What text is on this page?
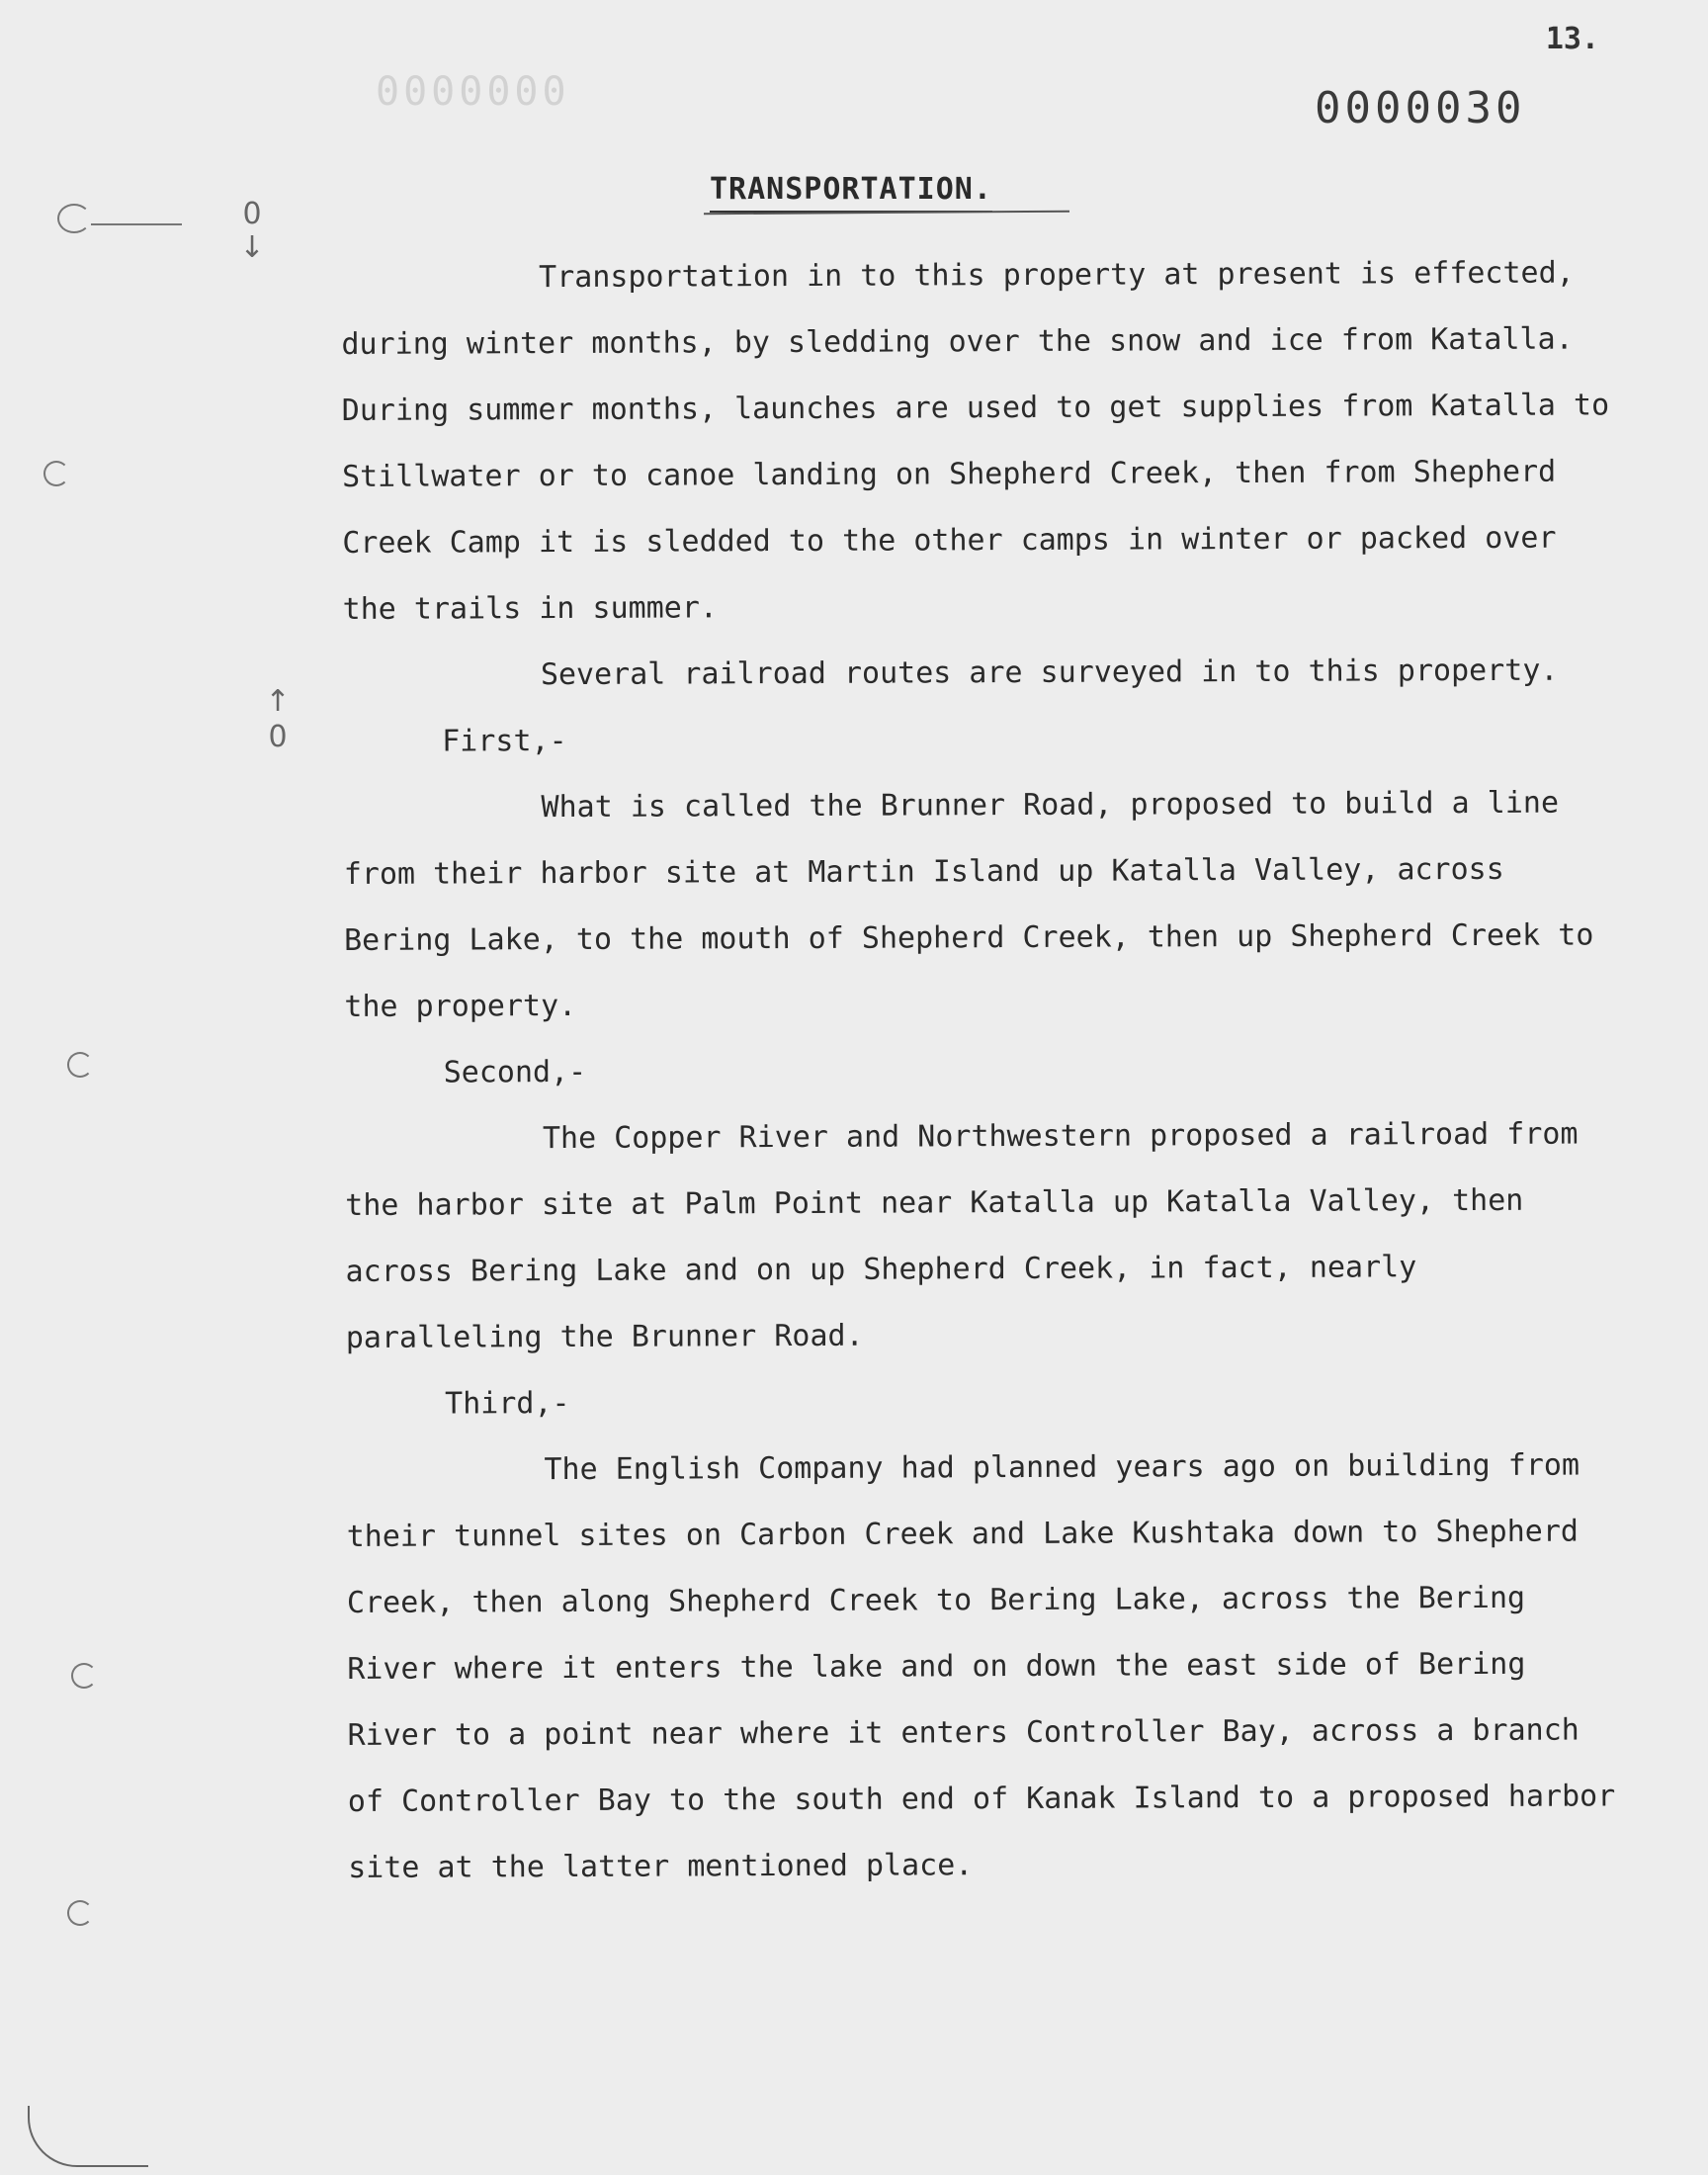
0000000
13.
0000030
0 ↓
↑ 0
TRANSPORTATION.

Transportation in to this property at present is effected, during winter months, by sledding over the snow and ice from Katalla. During summer months, launches are used to get supplies from Katalla to Stillwater or to canoe landing on Shepherd Creek, then from Shepherd Creek Camp it is sledded to the other camps in winter or packed over the trails in summer.

Several railroad routes are surveyed in to this property.

First,-

What is called the Brunner Road, proposed to build a line from their harbor site at Martin Island up Katalla Valley, across Bering Lake, to the mouth of Shepherd Creek, then up Shepherd Creek to the property.

Second,-

The Copper River and Northwestern proposed a railroad from the harbor site at Palm Point near Katalla up Katalla Valley, then across Bering Lake and on up Shepherd Creek, in fact, nearly paralleling the Brunner Road.

Third,-

The English Company had planned years ago on building from their tunnel sites on Carbon Creek and Lake Kushtaka down to Shepherd Creek, then along Shepherd Creek to Bering Lake, across the Bering River where it enters the lake and on down the east side of Bering River to a point near where it enters Controller Bay, across a branch of Controller Bay to the south end of Kanak Island to a proposed harbor site at the latter mentioned place.
